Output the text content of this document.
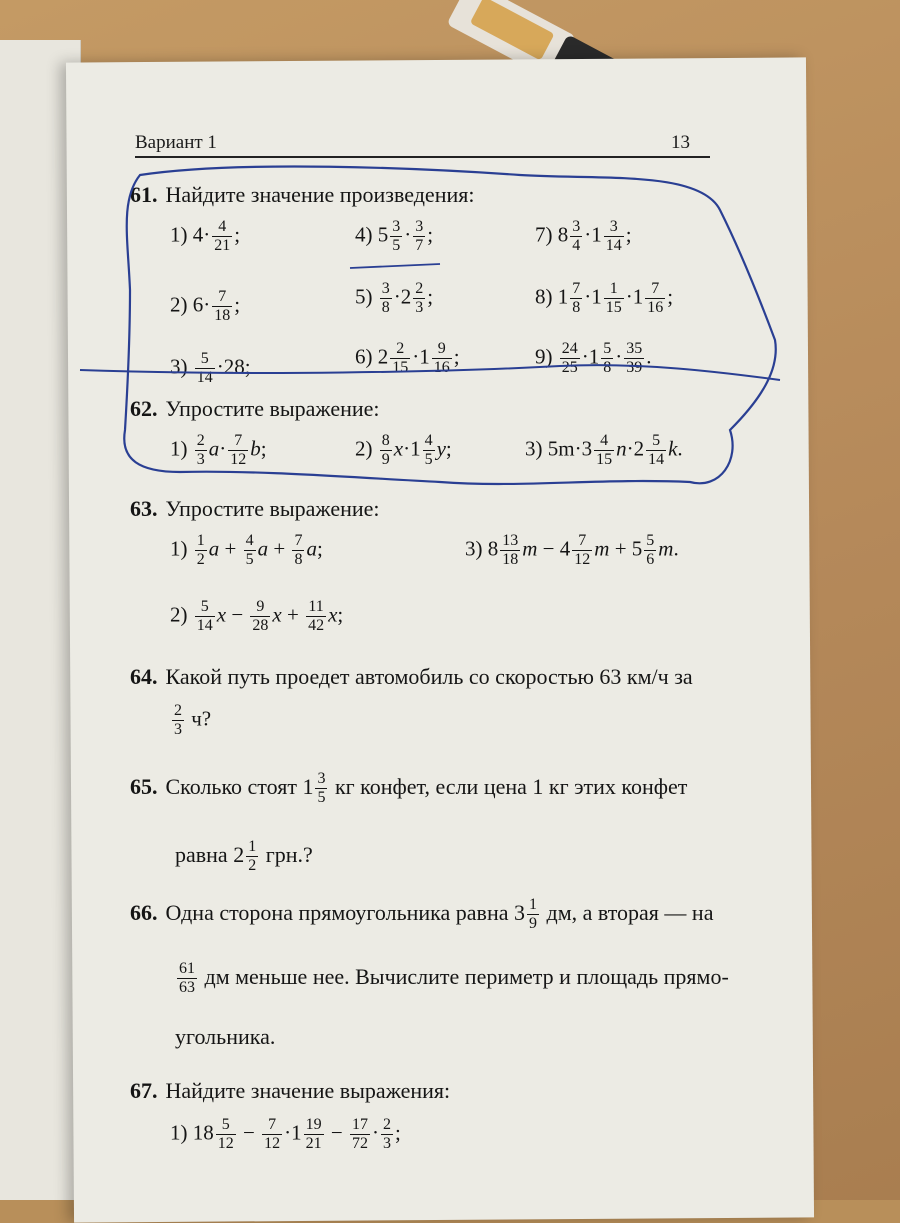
Вариант 1	13
61. Найдите значение произведения:
1) $4\cdot \frac{4}{21}$ ;
2) $6\cdot \frac{7}{18}$ ;
$3) \frac{5}{14} \cdot 28$;
4) $5 \frac{3}{5} \cdot \frac{3}{7}$ ;
$5) \frac{3}{8} \cdot 2 \frac{2}{3}$ ;
6) $2 \frac{2}{15} \cdot 1 \frac{9}{16}$ ;
7) $8 \frac{3}{4} \cdot 1 \frac{3}{14}$ ;
8) $1 \frac{7}{8} \cdot 1 \frac{1}{15} \cdot 1 \frac{7}{16}$ ;
$9) \frac{24}{25} \cdot 1 \frac{5}{8} \cdot \frac{35}{39}$ .
62. Упростите выражение:
$1) \frac{2}{3} a\cdot \frac{7}{12} b$;	$2) \frac{8}{9} x\cdot 1 \frac{4}{5} y$;	3) $5m\cdot 3 \frac{4}{15} n\cdot 2 \frac{5}{14} k$.
63. Упростите выражение:
$1) \frac{1}{2}$ $a + \frac{4}{5}$ $a + \frac{7}{8} a$;
$2) \frac{5}{14}$ $x - \frac{9}{28}$ $x + \frac{11}{42} x$;
3) $8 \frac{13}{18}$ $m - 4 \frac{7}{12}$ $m + 5 \frac{5}{6} m$.
64. Какой путь проедет автомобиль со скоростью 63 км/ч за
$\frac{2}{3} ч$?
65. Сколько стоят $1 \frac{3}{5}$ кг конфет, если цена 1 кг этих конфет
равна $2 \frac{1}{2}$ грн.?
66. Одна сторона прямоугольника равна $3 \frac{1}{9}$ дм, а вторая — на
$\frac{61}{63}$ дм меньше нее. Вычислите периметр и площадь прямо-
угольника.
67. Найдите значение выражения:
1) $18 \frac{5}{12} - \frac{7}{12} \cdot 1 \frac{19}{21} - \frac{17}{72} \cdot \frac{2}{3}$ ;
